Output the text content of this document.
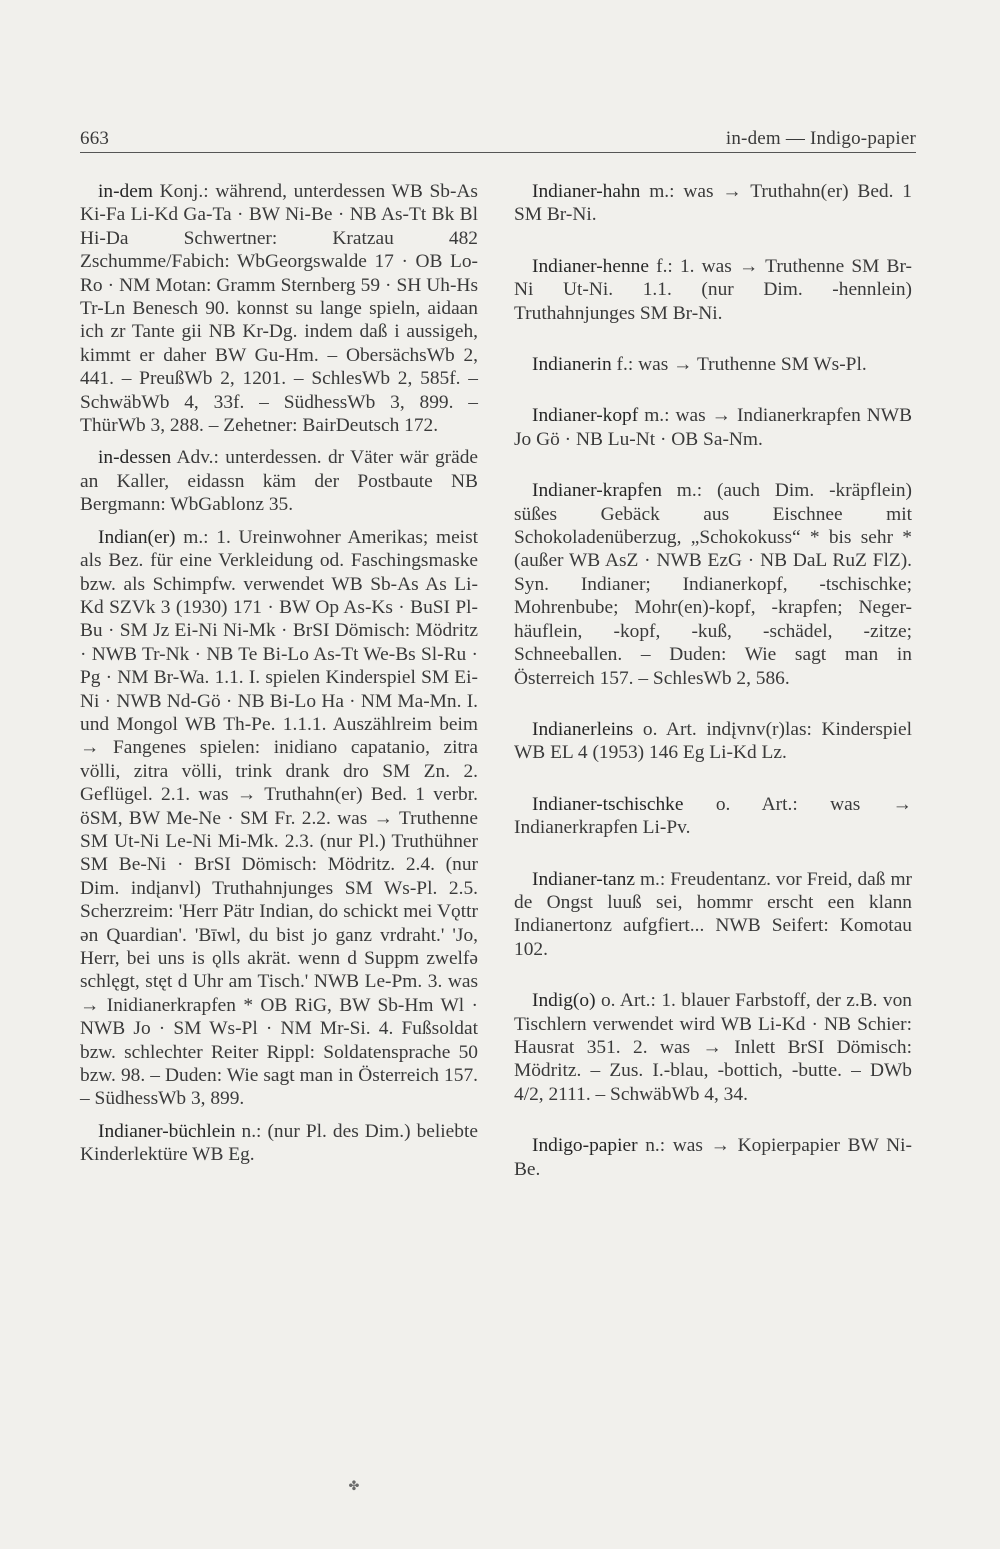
663	in-dem — Indigo-papier

in-dem Konj.: während, unterdessen WB Sb-As Ki-Fa Li-Kd Ga-Ta · BW Ni-Be · NB As-Tt Bk Bl Hi-Da Schwertner: Kratzau 482 Zschumme/Fabich: WbGeorgswalde 17 · OB Lo-Ro · NM Motan: Gramm Sternberg 59 · SH Uh-Hs Tr-Ln Benesch 90. konnst su lange spieln, aidaan ich zr Tante gii NB Kr-Dg. indem daß i aussigeh, kimmt er daher BW Gu-Hm. – ObersächsWb 2, 441. – PreußWb 2, 1201. – SchlesWb 2, 585f. – SchwäbWb 4, 33f. – SüdhessWb 3, 899. – ThürWb 3, 288. – Zehetner: BairDeutsch 172.

in-dessen Adv.: unterdessen. dr Väter wär gräde an Kaller, eidassn käm der Postbaute NB Bergmann: WbGablonz 35.

Indian(er) m.: 1. Ureinwohner Amerikas; meist als Bez. für eine Verkleidung od. Faschingsmaske bzw. als Schimpfw. verwendet WB Sb-As As Li-Kd SZVk 3 (1930) 171 · BW Op As-Ks · BuSI Pl-Bu · SM Jz Ei-Ni Ni-Mk · BrSI Dömisch: Mödritz · NWB Tr-Nk · NB Te Bi-Lo As-Tt We-Bs Sl-Ru · Pg · NM Br-Wa. 1.1. I. spielen Kinderspiel SM Ei-Ni · NWB Nd-Gö · NB Bi-Lo Ha · NM Ma-Mn. I. und Mongol WB Th-Pe. 1.1.1. Auszählreim beim → Fangenes spielen: inidiano capatanio, zitra völli, zitra völli, trink drank dro SM Zn. 2. Geflügel. 2.1. was → Truthahn(er) Bed. 1 verbr. öSM, BW Me-Ne · SM Fr. 2.2. was → Truthenne SM Ut-Ni Le-Ni Mi-Mk. 2.3. (nur Pl.) Truthühner SM Be-Ni · BrSI Dömisch: Mödritz. 2.4. (nur Dim. indįanvl) Truthahnjunges SM Ws-Pl. 2.5. Scherzreim: 'Herr Pätr Indian, do schickt mei Vǫttr ən Quardian'. 'Bīwl, du bist jo ganz vrdraht.' 'Jo, Herr, bei uns is ǫlls akrät. wenn d Suppm zwelfə schlęgt, stęt d Uhr am Tisch.' NWB Le-Pm. 3. was → Inidianerkrapfen * OB RiG, BW Sb-Hm Wl · NWB Jo · SM Ws-Pl · NM Mr-Si. 4. Fußsoldat bzw. schlechter Reiter Rippl: Soldatensprache 50 bzw. 98. – Duden: Wie sagt man in Österreich 157. – SüdhessWb 3, 899.

Indianer-büchlein n.: (nur Pl. des Dim.) beliebte Kinderlektüre WB Eg.

Indianer-hahn m.: was → Truthahn(er) Bed. 1 SM Br-Ni.

Indianer-henne f.: 1. was → Truthenne SM Br-Ni Ut-Ni. 1.1. (nur Dim. -hennlein) Truthahnjunges SM Br-Ni.

Indianerin f.: was → Truthenne SM Ws-Pl.

Indianer-kopf m.: was → Indianerkrapfen NWB Jo Gö · NB Lu-Nt · OB Sa-Nm.

Indianer-krapfen m.: (auch Dim. -kräpflein) süßes Gebäck aus Eischnee mit Schokoladenüberzug, „Schokokuss“ * bis sehr * (außer WB AsZ · NWB EzG · NB DaL RuZ FlZ). Syn. Indianer; Indianerkopf, -tschischke; Mohrenbube; Mohr(en)-kopf, -krapfen; Neger-häuflein, -kopf, -kuß, -schädel, -zitze; Schneeballen. – Duden: Wie sagt man in Österreich 157. – SchlesWb 2, 586.

Indianerleins o. Art. indįvnv(r)las: Kinderspiel WB EL 4 (1953) 146 Eg Li-Kd Lz.

Indianer-tschischke o. Art.: was → Indianerkrapfen Li-Pv.

Indianer-tanz m.: Freudentanz. vor Freid, daß mr de Ongst luuß sei, hommr erscht een klann Indianertonz aufgfiert... NWB Seifert: Komotau 102.

Indig(o) o. Art.: 1. blauer Farbstoff, der z.B. von Tischlern verwendet wird WB Li-Kd · NB Schier: Hausrat 351. 2. was → Inlett BrSI Dömisch: Mödritz. – Zus. I.-blau, -bottich, -butte. – DWb 4/2, 2111. – SchwäbWb 4, 34.

Indigo-papier n.: was → Kopierpapier BW Ni-Be.

✤
